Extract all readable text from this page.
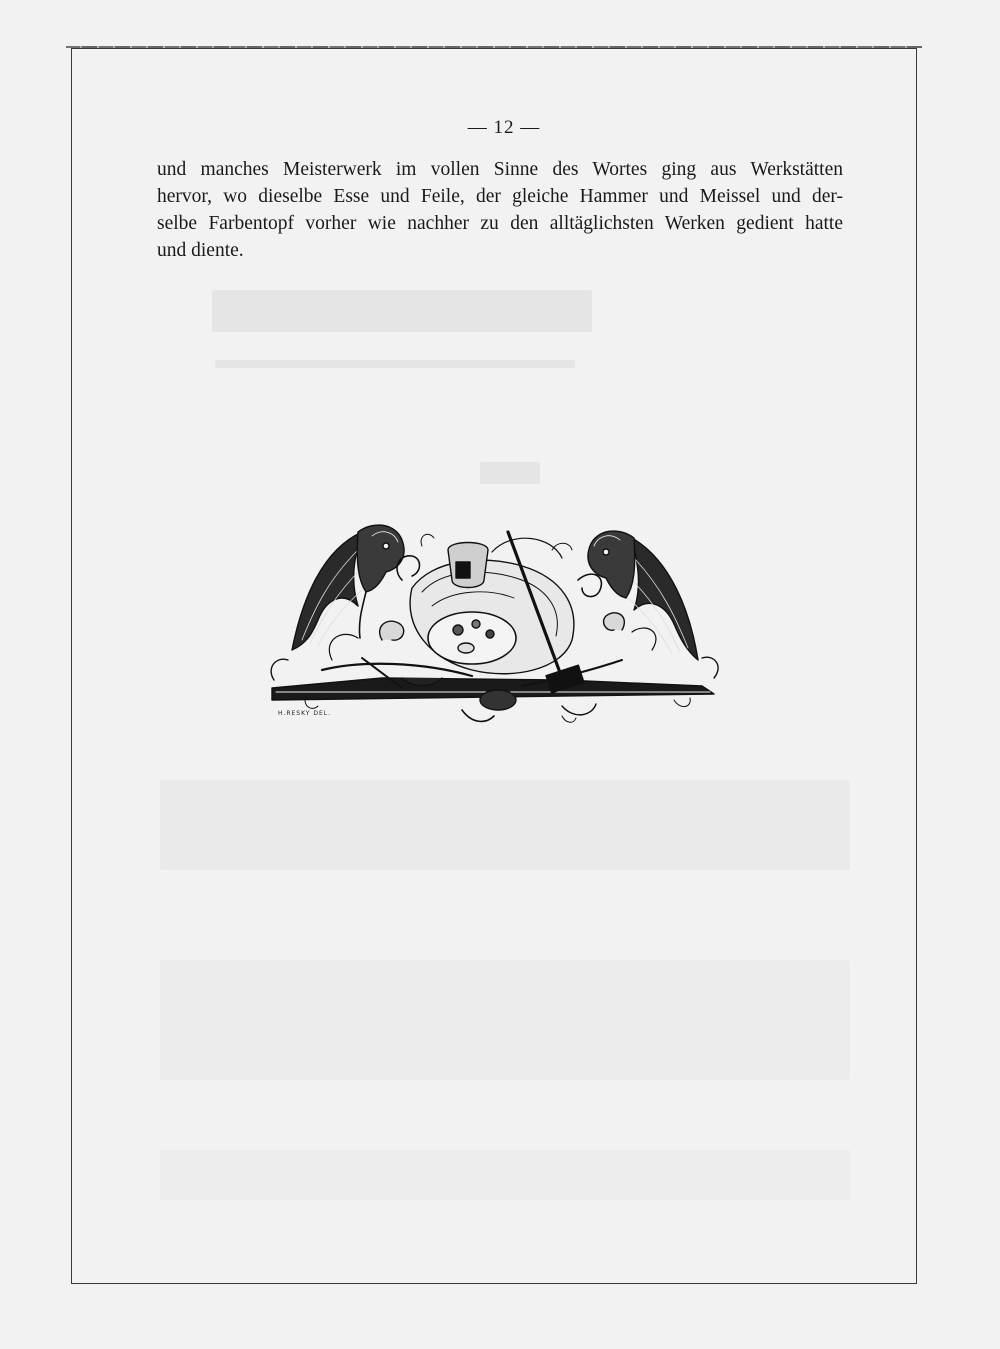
— 12 —
und manches Meisterwerk im vollen Sinne des Wortes ging aus Werkstätten
hervor, wo dieselbe Esse und Feile, der gleiche Hammer und Meissel und der-
selbe Farbentopf vorher wie nachher zu den alltäglichsten Werken gedient hatte
und diente.
H.RESKY DEL.
